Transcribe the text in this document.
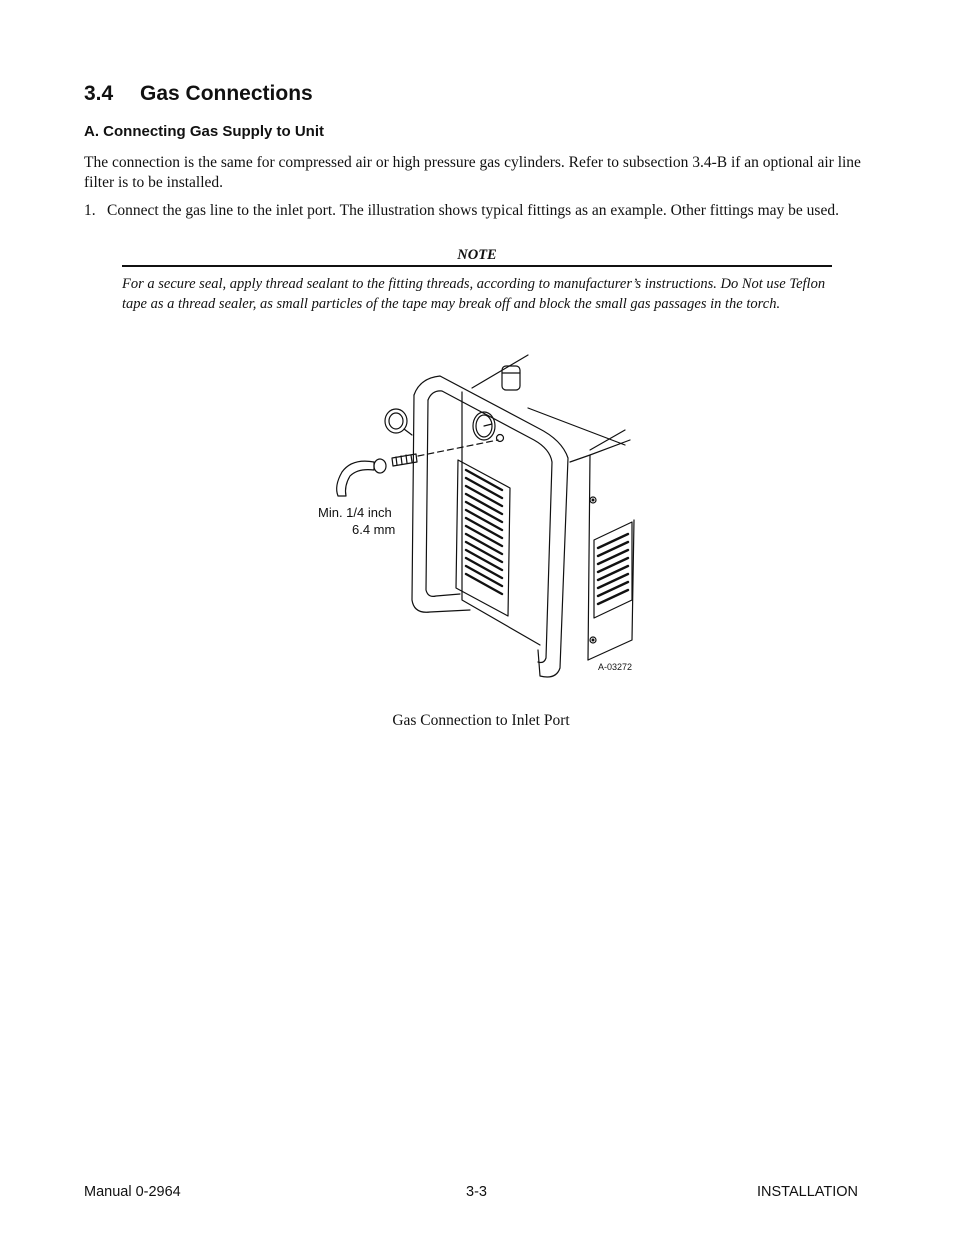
3.4 Gas Connections
A. Connecting Gas Supply to Unit

The connection is the same for compressed air or high pressure gas cylinders. Refer to subsection 3.4-B if an optional air line filter is to be installed.

1. Connect the gas line to the inlet port. The illustration shows typical fittings as an example. Other fittings may be used.

NOTE

For a secure seal, apply thread sealant to the fitting threads, according to manufacturer’s instructions. Do Not use Teflon tape as a thread sealer, as small particles of the tape may break off and block the small gas passages in the torch.

Min. 1/4 inch
6.4 mm
A-03272
Gas Connection to Inlet Port
Manual 0-2964	3-3	INSTALLATION
